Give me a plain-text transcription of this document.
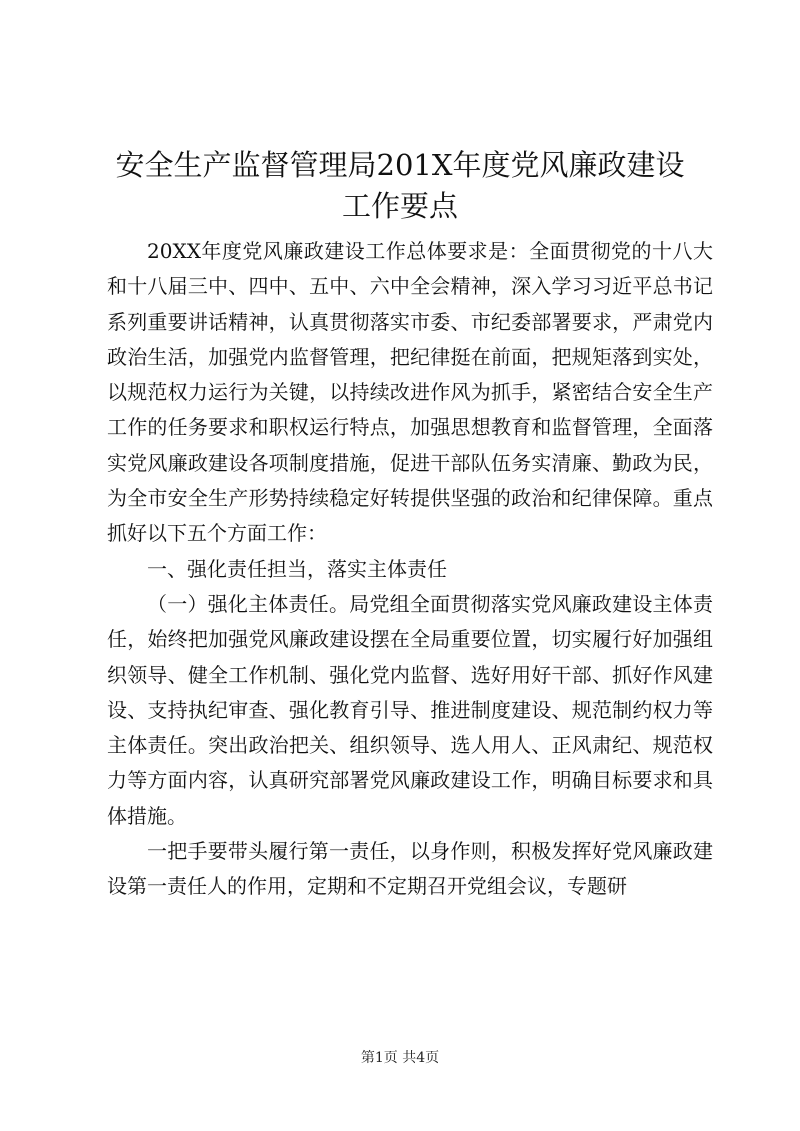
安全生产监督管理局201X年度党风廉政建设
工作要点

20XX年度党风廉政建设工作总体要求是：全面贯彻党的十八大和十八届三中、四中、五中、六中全会精神，深入学习习近平总书记系列重要讲话精神，认真贯彻落实市委、市纪委部署要求，严肃党内政治生活，加强党内监督管理，把纪律挺在前面，把规矩落到实处，以规范权力运行为关键，以持续改进作风为抓手，紧密结合安全生产工作的任务要求和职权运行特点，加强思想教育和监督管理，全面落实党风廉政建设各项制度措施，促进干部队伍务实清廉、勤政为民，为全市安全生产形势持续稳定好转提供坚强的政治和纪律保障。重点抓好以下五个方面工作：

一、强化责任担当，落实主体责任

（一）强化主体责任。局党组全面贯彻落实党风廉政建设主体责任，始终把加强党风廉政建设摆在全局重要位置，切实履行好加强组织领导、健全工作机制、强化党内监督、选好用好干部、抓好作风建设、支持执纪审查、强化教育引导、推进制度建设、规范制约权力等主体责任。突出政治把关、组织领导、选人用人、正风肃纪、规范权力等方面内容，认真研究部署党风廉政建设工作，明确目标要求和具体措施。

一把手要带头履行第一责任，以身作则，积极发挥好党风廉政建设第一责任人的作用，定期和不定期召开党组会议，专题研

第1页 共4页
